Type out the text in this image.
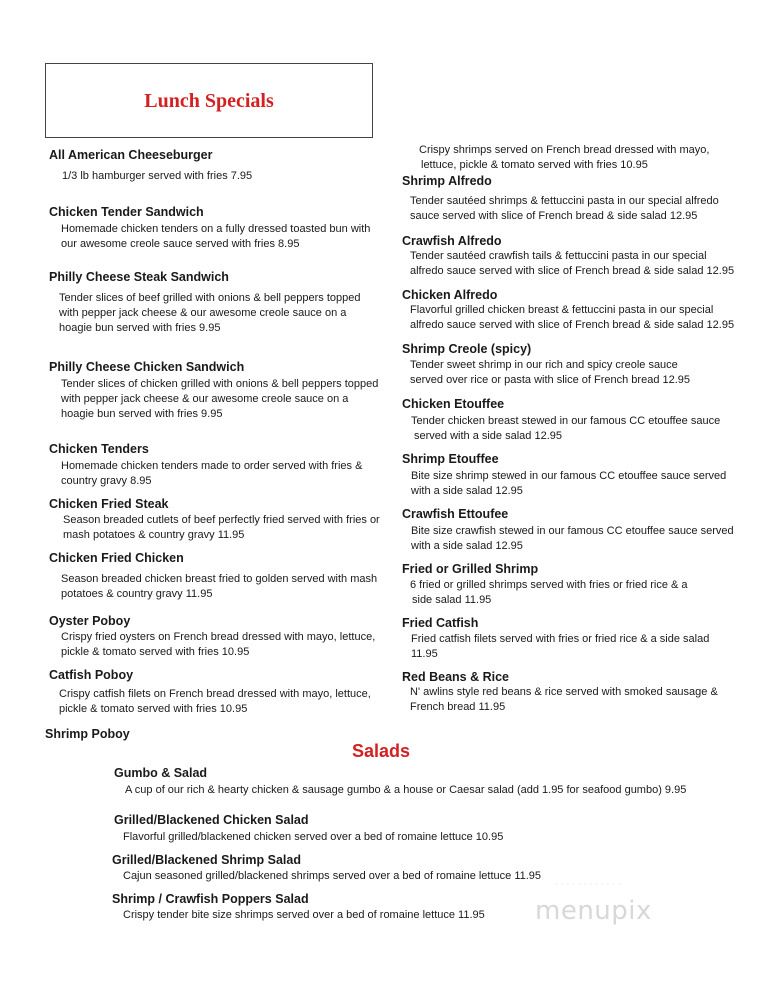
Lunch Specials
All American Cheeseburger
1/3 lb hamburger served with fries 7.95
Chicken Tender Sandwich
Homemade chicken tenders on a fully dressed toasted bun with
our awesome creole sauce served with fries 8.95
Philly Cheese Steak Sandwich
Tender slices of beef grilled with onions & bell peppers topped
with pepper jack cheese & our awesome creole sauce on a
hoagie bun served with fries 9.95
Philly Cheese Chicken Sandwich
Tender slices of chicken grilled with onions & bell peppers topped
with pepper jack cheese & our awesome creole sauce on a
hoagie bun served with fries 9.95
Chicken Tenders
Homemade chicken tenders made to order served with fries &
country gravy 8.95
Chicken Fried Steak
Season breaded cutlets of beef perfectly fried served with fries or
mash potatoes & country gravy 11.95
Chicken Fried Chicken
Season breaded chicken breast fried to golden served with mash
potatoes & country gravy 11.95
Oyster Poboy
Crispy fried oysters on French bread dressed with mayo, lettuce,
pickle & tomato served with fries 10.95
Catfish Poboy
Crispy catfish filets on French bread dressed with mayo, lettuce,
pickle & tomato served with fries 10.95
Shrimp Poboy
Crispy shrimps served on French bread dressed with mayo,
lettuce, pickle & tomato served with fries 10.95
Shrimp Alfredo
Tender sautéed shrimps & fettuccini pasta in our special alfredo
sauce served with slice of French bread & side salad 12.95
Crawfish Alfredo
Tender sautéed crawfish tails & fettuccini pasta in our special
alfredo sauce served with slice of French bread & side salad 12.95
Chicken Alfredo
Flavorful grilled chicken breast & fettuccini pasta in our special
alfredo sauce served with slice of French bread & side salad 12.95
Shrimp Creole (spicy)
Tender sweet shrimp in our rich and spicy creole sauce
served over rice or pasta with slice of French bread 12.95
Chicken Etouffee
Tender chicken breast stewed in our famous CC etouffee sauce
served with a side salad 12.95
Shrimp Etouffee
Bite size shrimp stewed in our famous CC etouffee sauce served
with a side salad 12.95
Crawfish Ettoufee
Bite size crawfish stewed in our famous CC etouffee sauce served
with a side salad 12.95
Fried or Grilled Shrimp
6 fried or grilled shrimps served with fries or fried rice & a
side salad 11.95
Fried Catfish
Fried catfish filets served with fries or fried rice & a side salad
11.95
Red Beans & Rice
N' awlins style red beans & rice served with smoked sausage &
French bread 11.95
Salads
Gumbo & Salad
A cup of our rich & hearty chicken & sausage gumbo & a house or Caesar salad (add 1.95 for seafood gumbo) 9.95
Grilled/Blackened Chicken Salad
Flavorful grilled/blackened chicken served over a bed of romaine lettuce 10.95
Grilled/Blackened Shrimp Salad
Cajun seasoned grilled/blackened shrimps served over a bed of romaine lettuce 11.95
Shrimp / Crawfish Poppers Salad
Crispy tender bite size shrimps served over a bed of romaine lettuce 11.95
· · · · · · · · · · · ·
menupix
